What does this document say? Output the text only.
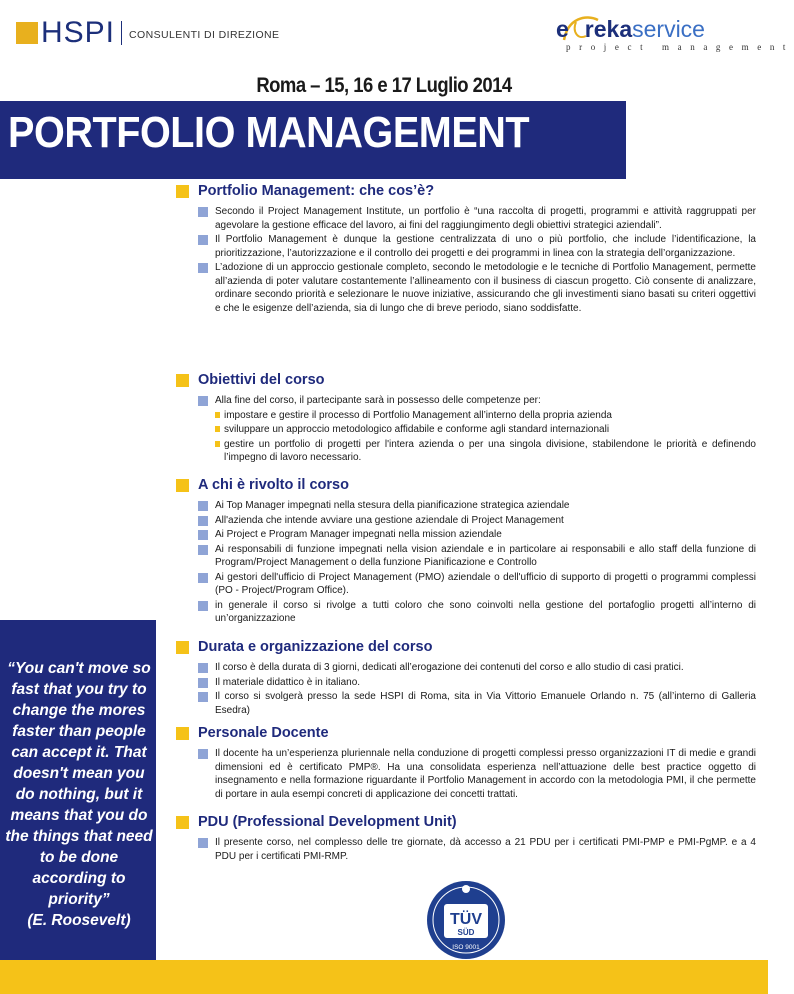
HSPI CONSULENTI DI DIREZIONE	e rekaservice
project management
Roma – 15, 16 e 17 Luglio 2014
PORTFOLIO MANAGEMENT
Portfolio Management: che cos’è?
Secondo il Project Management Institute, un portfolio è “una raccolta di progetti, programmi e attività raggruppati per agevolare la gestione efficace del lavoro, ai fini del raggiungimento degli obiettivi strategici aziendali”.
Il Portfolio Management è dunque la gestione centralizzata di uno o più portfolio, che include l’identificazione, la prioritizzazione, l’autorizzazione e il controllo dei progetti e dei programmi in linea con la strategia dell’organizzazione.
L’adozione di un approccio gestionale completo, secondo le metodologie e le tecniche di Portfolio Management, permette all’azienda di poter valutare costantemente l’allineamento con il business di ciascun progetto. Ciò consente di analizzare, ordinare secondo priorità e selezionare le nuove iniziative, assicurando che gli investimenti siano basati su criteri oggettivi e che le esigenze dell’azienda, sia di lungo che di breve periodo, siano soddisfatte.
Obiettivi del corso
Alla fine del corso, il partecipante sarà in possesso delle competenze per:
impostare e gestire il processo di Portfolio Management all’interno della propria azienda
sviluppare un approccio metodologico affidabile e conforme agli standard internazionali
gestire un portfolio di progetti per l'intera azienda o per una singola divisione, stabilendone le priorità e definendo l’impegno di lavoro necessario.
A chi è rivolto il corso
Ai Top Manager impegnati nella stesura della pianificazione strategica aziendale
All'azienda che intende avviare una gestione aziendale di Project Management
Ai Project e Program Manager impegnati nella mission aziendale
Ai responsabili di funzione impegnati nella vision aziendale e in particolare ai responsabili e allo staff della funzione di Program/Project Management o della funzione Pianificazione e Controllo
Ai gestori dell'ufficio di Project Management (PMO) aziendale o dell'ufficio di supporto di progetti o programmi complessi (PO - Project/Program Office).
in generale il corso si rivolge a tutti coloro che sono coinvolti nella gestione del portafoglio progetti all’interno di un’organizzazione
Durata e organizzazione del corso
Il corso è della durata di 3 giorni, dedicati all’erogazione dei contenuti del corso e allo studio di casi pratici.
Il materiale didattico è in italiano.
Il corso si svolgerà presso la sede HSPI di Roma, sita in Via Vittorio Emanuele Orlando n. 75 (all’interno di Galleria Esedra)
Personale Docente
Il docente ha un’esperienza pluriennale nella conduzione di progetti complessi presso organizzazioni IT di medie e grandi dimensioni ed è certificato PMP®. Ha una consolidata esperienza nell’attuazione delle best practice oggetto di insegnamento e nella formazione riguardante il Portfolio Management in accordo con la metodologia PMI, il che permette di portare in aula esempi concreti di applicazione dei concetti trattati.
PDU (Professional Development Unit)
Il presente corso, nel complesso delle tre giornate, dà accesso a 21 PDU per i certificati PMI-PMP e PMI-PgMP. e a 4 PDU per i certificati PMI-RMP.
“You can't move so fast that you try to change the mores faster than people can accept it. That doesn't mean you do nothing, but it means that you do the things that need to be done according to priority”
(E. Roosevelt)	TÜV
SÜD
ISO 9001
